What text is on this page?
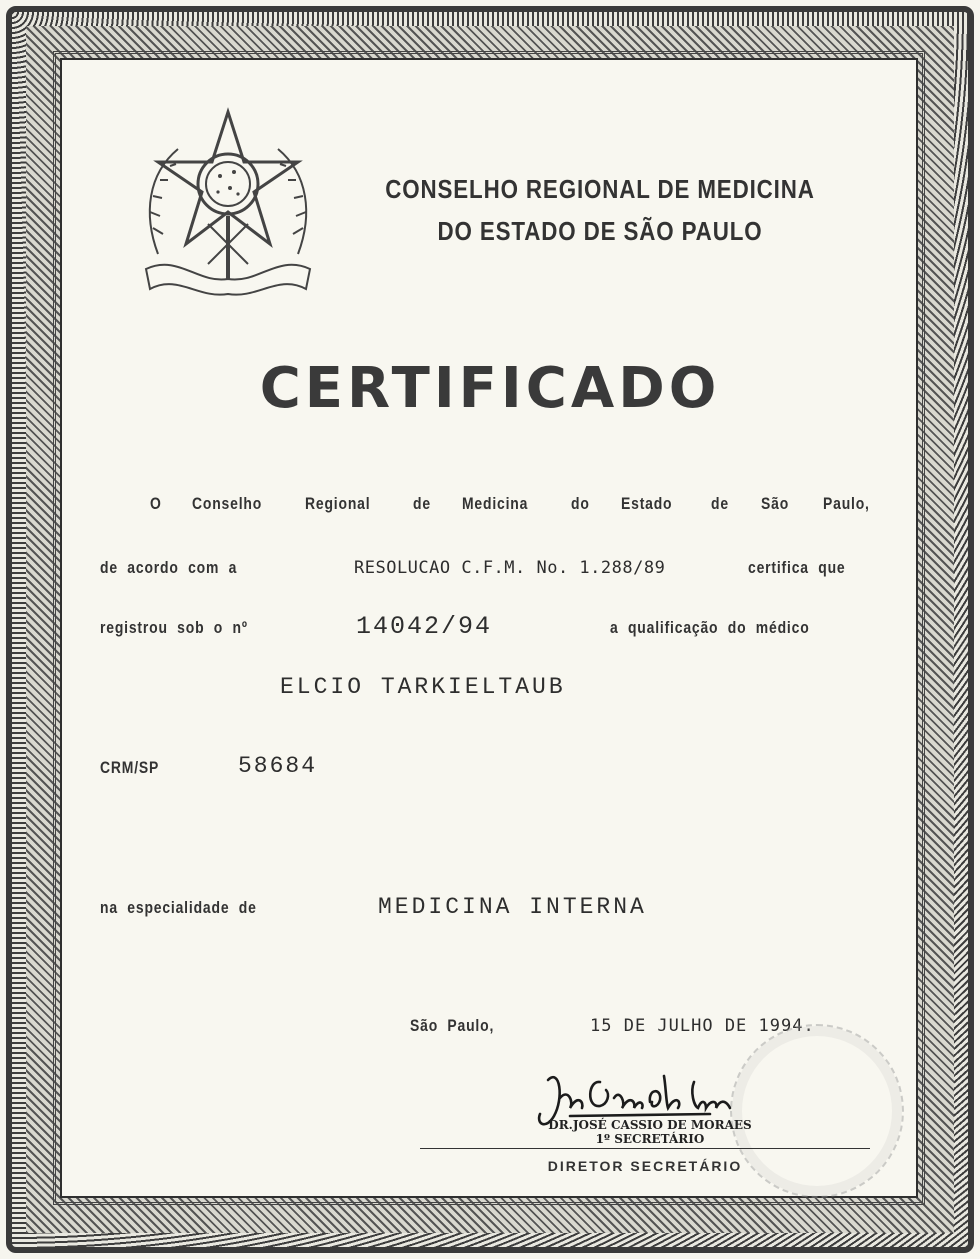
CONSELHO REGIONAL DE MEDICINA
DO ESTADO DE SÃO PAULO
CERTIFICADO
O Conselho	Regional de Medicina do Estado de São Paulo,
de  acordo  com  a	RESOLUCAO C.F.M. No. 1.288/89	certifica  que
registrou  sob  o  nº	14042/94	a  qualificação  do  médico
ELCIO TARKIELTAUB
CRM/SP	58684
na  especialidade  de	MEDICINA INTERNA
São  Paulo,	15 DE JULHO DE 1994.
DR.JOSÉ CASSIO DE MORAES
1º SECRETÁRIO
DIRETOR SECRETÁRIO
